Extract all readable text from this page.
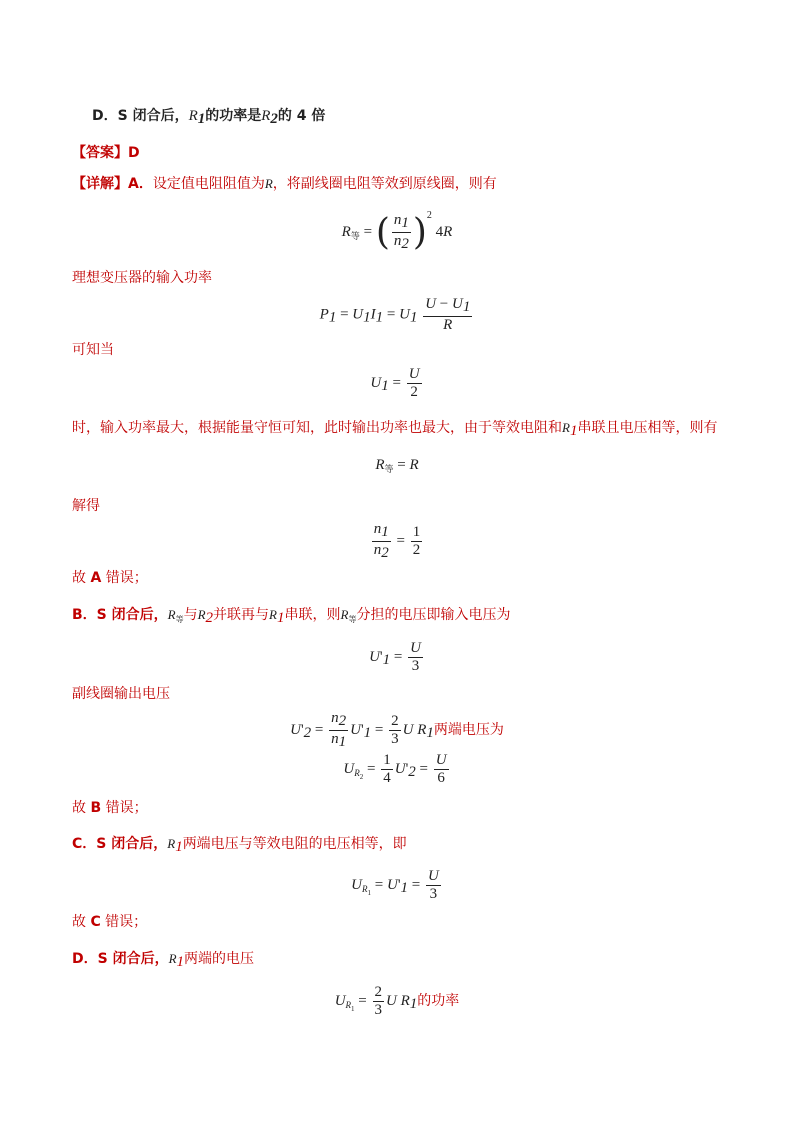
D．S 闭合后，$R_1$的功率是$R_2$的 4 倍
【答案】D
【详解】A．设定值电阻阻值为R，将副线圈电阻等效到原线圈，则有
$R_等$ = ( $\frac{n_1}{n_2} )^2$ 4R
理想变压器的输入功率
$P_1 = U_1I_1 = U_1 \frac{U - U_1}{R}$
可知当
$U_1 = \frac{U}{2}$
时，输入功率最大，根据能量守恒可知，此时输出功率也最大，由于等效电阻和$R_1$串联且电压相等，则有
$R_等 = R$
解得
$\frac{n_1}{n_2} = \frac{1}{2}$
故 A 错误；
B．S 闭合后，$R_等$与$R_2$并联再与$R_1$串联，则$R_等$分担的电压即输入电压为
$U'_1 = \frac{U}{3}$
副线圈输出电压
$U'_2 = \frac{n_2}{n_1} U'_1 = \frac{2}{3}$ U $R_1$两端电压为
$U_{R_2} = \frac{1}{4} U'_2 = \frac{U}{6}$
故 B 错误；
C．S 闭合后，$R_1$两端电压与等效电阻的电压相等，即
$U_{R_1} = U'_1 = \frac{U}{3}$
故 C 错误；
D．S 闭合后，$R_1$两端的电压
$U_{R_1} = \frac{2}{3}$ U $R_1$的功率
